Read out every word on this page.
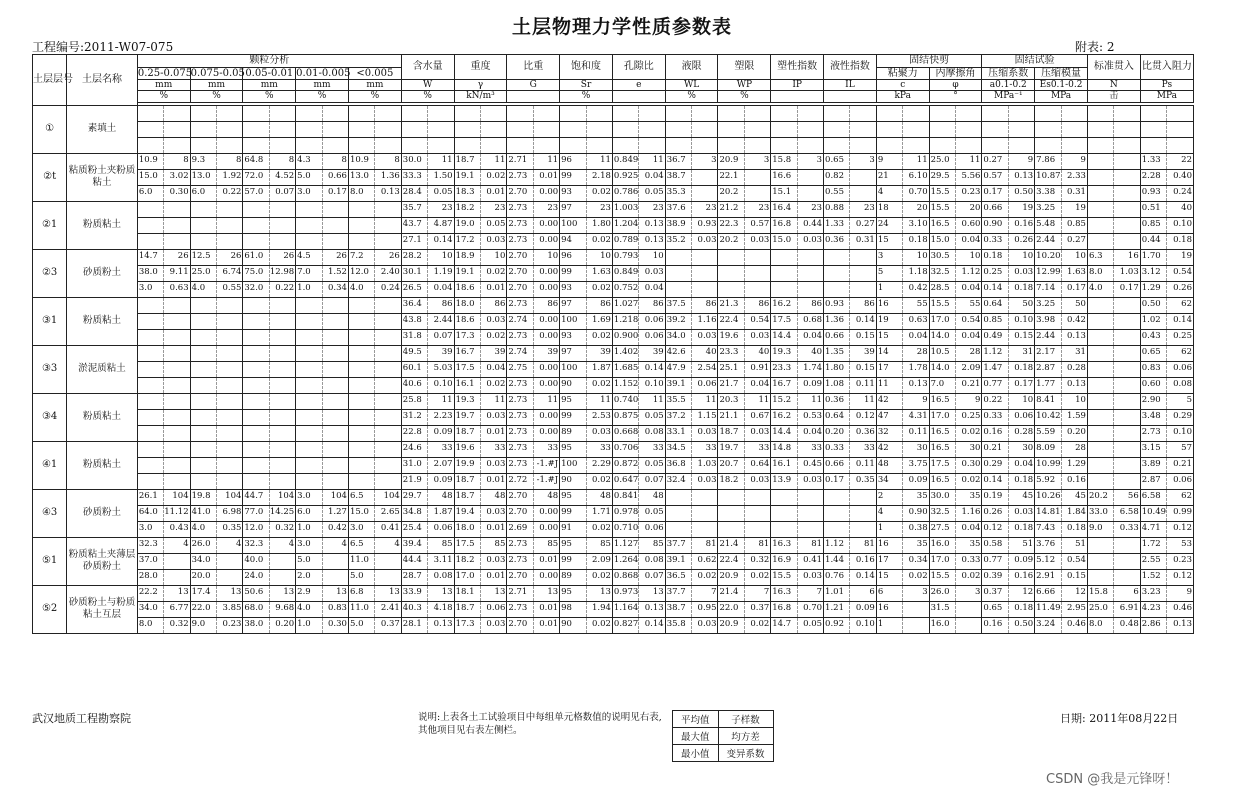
土层物理力学性质参数表
工程编号:2011-W07-075	附表: 2
土层层号	土层名称	颗粒分析										含水量		重度		比重		饱和度		孔隙比		液限		塑限		塑性指数		液性指数		固结快剪				固结试验				标准贯入		比贯入阻力	
		0.25-0.075		0.075-0.05		0.05-0.01		0.01-0.005		<0.005																				粘聚力		内摩擦角		压缩系数		压缩模量					
		mm		mm		mm		mm		mm		W		γ		G		Sr		e		WL		WP		IP		IL		c		φ		a0.1-0.2		Es0.1-0.2		N		Ps	
		%		%		%		%		%		%		kN/m³				%				%		%						kPa		°		MPa⁻¹		MPa		击		MPa	

①	素填土																																								

②t	粘质粉土夹粉质粘土	10.9	8	9.3	8	64.8	8	4.3	8	10.9	8	30.0	11	18.7	11	2.71	11	96	11	0.849	11	36.7	3	20.9	3	15.8	3	0.65	3	9	11	25.0	11	0.27	9	7.86	9			1.33	22
		15.0	3.02	13.0	1.92	72.0	4.52	5.0	0.66	13.0	1.36	33.3	1.50	19.1	0.02	2.73	0.01	99	2.18	0.925	0.04	38.7		22.1		16.6		0.82		21	6.10	29.5	5.56	0.57	0.13	10.87	2.33			2.28	0.40
		6.0	0.30	6.0	0.22	57.0	0.07	3.0	0.17	8.0	0.13	28.4	0.05	18.3	0.01	2.70	0.00	93	0.02	0.786	0.05	35.3		20.2		15.1		0.55		4	0.70	15.5	0.23	0.17	0.50	3.38	0.31			0.93	0.24
②1	粉质粘土											35.7	23	18.2	23	2.73	23	97	23	1.003	23	37.6	23	21.2	23	16.4	23	0.88	23	18	20	15.5	20	0.66	19	3.25	19			0.51	40
												43.7	4.87	19.0	0.05	2.73	0.00	100	1.80	1.204	0.13	38.9	0.93	22.3	0.57	16.8	0.44	1.33	0.27	24	3.10	16.5	0.60	0.90	0.16	5.48	0.85			0.85	0.10
												27.1	0.14	17.2	0.03	2.73	0.00	94	0.02	0.789	0.13	35.2	0.03	20.2	0.03	15.0	0.03	0.36	0.31	15	0.18	15.0	0.04	0.33	0.26	2.44	0.27			0.44	0.18
②3	砂质粉土	14.7	26	12.5	26	61.0	26	4.5	26	7.2	26	28.2	10	18.9	10	2.70	10	96	10	0.793	10									3	10	30.5	10	0.18	10	10.20	10	6.3	16	1.70	19
		38.0	9.11	25.0	6.74	75.0	12.98	7.0	1.52	12.0	2.40	30.1	1.19	19.1	0.02	2.70	0.00	99	1.63	0.849	0.03									5	1.18	32.5	1.12	0.25	0.03	12.99	1.63	8.0	1.03	3.12	0.54
		3.0	0.63	4.0	0.55	32.0	0.22	1.0	0.34	4.0	0.24	26.5	0.04	18.6	0.01	2.70	0.00	93	0.02	0.752	0.04									1	0.42	28.5	0.04	0.14	0.18	7.14	0.17	4.0	0.17	1.29	0.26
③1	粉质粘土											36.4	86	18.0	86	2.73	86	97	86	1.027	86	37.5	86	21.3	86	16.2	86	0.93	86	16	55	15.5	55	0.64	50	3.25	50			0.50	62
												43.8	2.44	18.6	0.03	2.74	0.00	100	1.69	1.218	0.06	39.2	1.16	22.4	0.54	17.5	0.68	1.36	0.14	19	0.63	17.0	0.54	0.85	0.10	3.98	0.42			1.02	0.14
												31.8	0.07	17.3	0.02	2.73	0.00	93	0.02	0.900	0.06	34.0	0.03	19.6	0.03	14.4	0.04	0.66	0.15	15	0.04	14.0	0.04	0.49	0.15	2.44	0.13			0.43	0.25
③3	淤泥质粘土											49.5	39	16.7	39	2.74	39	97	39	1.402	39	42.6	40	23.3	40	19.3	40	1.35	39	14	28	10.5	28	1.12	31	2.17	31			0.65	62
												60.1	5.03	17.5	0.04	2.75	0.00	100	1.87	1.685	0.14	47.9	2.54	25.1	0.91	23.3	1.74	1.80	0.15	17	1.78	14.0	2.09	1.47	0.18	2.87	0.28			0.83	0.06
												40.6	0.10	16.1	0.02	2.73	0.00	90	0.02	1.152	0.10	39.1	0.06	21.7	0.04	16.7	0.09	1.08	0.11	11	0.13	7.0	0.21	0.77	0.17	1.77	0.13			0.60	0.08
③4	粉质粘土											25.8	11	19.3	11	2.73	11	95	11	0.740	11	35.5	11	20.3	11	15.2	11	0.36	11	42	9	16.5	9	0.22	10	8.41	10			2.90	5
												31.2	2.23	19.7	0.03	2.73	0.00	99	2.53	0.875	0.05	37.2	1.15	21.1	0.67	16.2	0.53	0.64	0.12	47	4.31	17.0	0.25	0.33	0.06	10.42	1.59			3.48	0.29
												22.8	0.09	18.7	0.01	2.73	0.00	89	0.03	0.668	0.08	33.1	0.03	18.7	0.03	14.4	0.04	0.20	0.36	32	0.11	16.5	0.02	0.16	0.28	5.59	0.20			2.73	0.10
④1	粉质粘土											24.6	33	19.6	33	2.73	33	95	33	0.706	33	34.5	33	19.7	33	14.8	33	0.33	33	42	30	16.5	30	0.21	30	8.09	28			3.15	57
												31.0	2.07	19.9	0.03	2.73	-1.#J	100	2.29	0.872	0.05	36.8	1.03	20.7	0.64	16.1	0.45	0.66	0.11	48	3.75	17.5	0.30	0.29	0.04	10.99	1.29			3.89	0.21
												21.9	0.09	18.7	0.01	2.72	-1.#J	90	0.02	0.647	0.07	32.4	0.03	18.2	0.03	13.9	0.03	0.17	0.35	34	0.09	16.5	0.02	0.14	0.18	5.92	0.16			2.87	0.06
④3	砂质粉土	26.1	104	19.8	104	44.7	104	3.0	104	6.5	104	29.7	48	18.7	48	2.70	48	95	48	0.841	48									2	35	30.0	35	0.19	45	10.26	45	20.2	56	6.58	62
		64.0	11.12	41.0	6.98	77.0	14.25	6.0	1.27	15.0	2.65	34.8	1.87	19.4	0.03	2.70	0.00	99	1.71	0.978	0.05									4	0.90	32.5	1.16	0.26	0.03	14.81	1.84	33.0	6.58	10.49	0.99
		3.0	0.43	4.0	0.35	12.0	0.32	1.0	0.42	3.0	0.41	25.4	0.06	18.0	0.01	2.69	0.00	91	0.02	0.710	0.06									1	0.38	27.5	0.04	0.12	0.18	7.43	0.18	9.0	0.33	4.71	0.12
⑤1	粉质粘土夹薄层砂质粉土	32.3	4	26.0	4	32.3	4	3.0	4	6.5	4	39.4	85	17.5	85	2.73	85	95	85	1.127	85	37.7	81	21.4	81	16.3	81	1.12	81	16	35	16.0	35	0.58	51	3.76	51			1.72	53
		37.0		34.0		40.0		5.0		11.0		44.4	3.11	18.2	0.03	2.73	0.01	99	2.09	1.264	0.08	39.1	0.62	22.4	0.32	16.9	0.41	1.44	0.16	17	0.34	17.0	0.33	0.77	0.09	5.12	0.54			2.55	0.23
		28.0		20.0		24.0		2.0		5.0		28.7	0.08	17.0	0.01	2.70	0.00	89	0.02	0.868	0.07	36.5	0.02	20.9	0.02	15.5	0.03	0.76	0.14	15	0.02	15.5	0.02	0.39	0.16	2.91	0.15			1.52	0.12
⑤2	砂质粉土与粉质粘土互层	22.2	13	17.4	13	50.6	13	2.9	13	6.8	13	33.9	13	18.1	13	2.71	13	95	13	0.973	13	37.7	7	21.4	7	16.3	7	1.01	6	6	3	26.0	3	0.37	12	6.66	12	15.8	6	3.23	9
		34.0	6.77	22.0	3.85	68.0	9.68	4.0	0.83	11.0	2.41	40.3	4.18	18.7	0.06	2.73	0.01	98	1.94	1.164	0.13	38.7	0.95	22.0	0.37	16.8	0.70	1.21	0.09	16		31.5		0.65	0.18	11.49	2.95	25.0	6.91	4.23	0.46
		8.0	0.32	9.0	0.23	38.0	0.20	1.0	0.30	5.0	0.37	28.1	0.13	17.3	0.03	2.70	0.01	90	0.02	0.827	0.14	35.8	0.03	20.9	0.02	14.7	0.05	0.92	0.10	1		16.0		0.16	0.50	3.24	0.46	8.0	0.48	2.86	0.13
武汉地质工程勘察院	说明:上表各土工试验项目中每组单元格数值的说明见右表,其他项目见右表左侧栏。
平均值	子样数
最大值	均方差
最小值	变异系数
日期: 2011年08月22日
CSDN @我是元锋呀！
